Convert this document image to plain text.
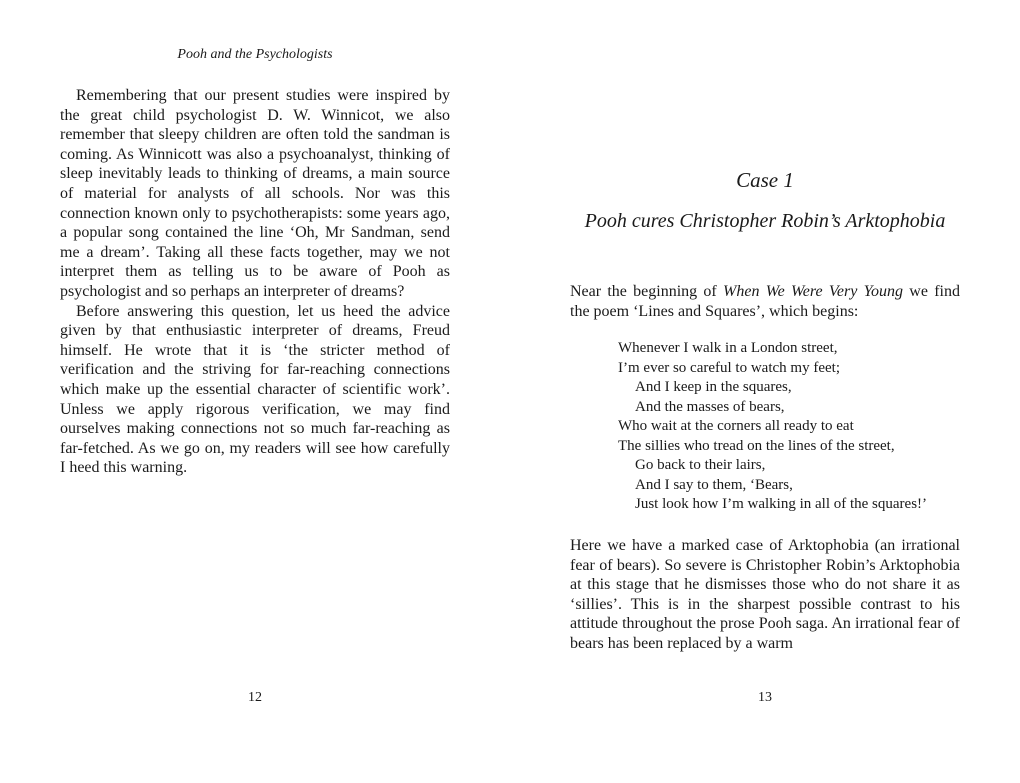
Pooh and the Psychologists

Remembering that our present studies were inspired by the great child psychologist D. W. Winnicot, we also remember that sleepy children are often told the sandman is coming. As Winnicott was also a psychoanalyst, thinking of sleep inevitably leads to thinking of dreams, a main source of material for analysts of all schools. Nor was this connection known only to psychotherapists: some years ago, a popular song contained the line ‘Oh, Mr Sandman, send me a dream’. Taking all these facts together, may we not interpret them as telling us to be aware of Pooh as psychologist and so perhaps an interpreter of dreams?

Before answering this question, let us heed the advice given by that enthusiastic interpreter of dreams, Freud himself. He wrote that it is ‘the stricter method of verification and the striving for far-reaching connections which make up the essential character of scientific work’. Unless we apply rigorous verification, we may find ourselves making connections not so much far-reaching as far-fetched. As we go on, my readers will see how carefully I heed this warning.

12
Case 1
Pooh cures Christopher Robin’s Arktophobia

Near the beginning of When We Were Very Young we find the poem ‘Lines and Squares’, which begins:

Whenever I walk in a London street,
I’m ever so careful to watch my feet;
And I keep in the squares,
And the masses of bears,
Who wait at the corners all ready to eat
The sillies who tread on the lines of the street,
Go back to their lairs,
And I say to them, ‘Bears,
Just look how I’m walking in all of the squares!’

Here we have a marked case of Arktophobia (an irrational fear of bears). So severe is Christopher Robin’s Arktophobia at this stage that he dismisses those who do not share it as ‘sillies’. This is in the sharpest possible contrast to his attitude throughout the prose Pooh saga. An irrational fear of bears has been replaced by a warm

13
